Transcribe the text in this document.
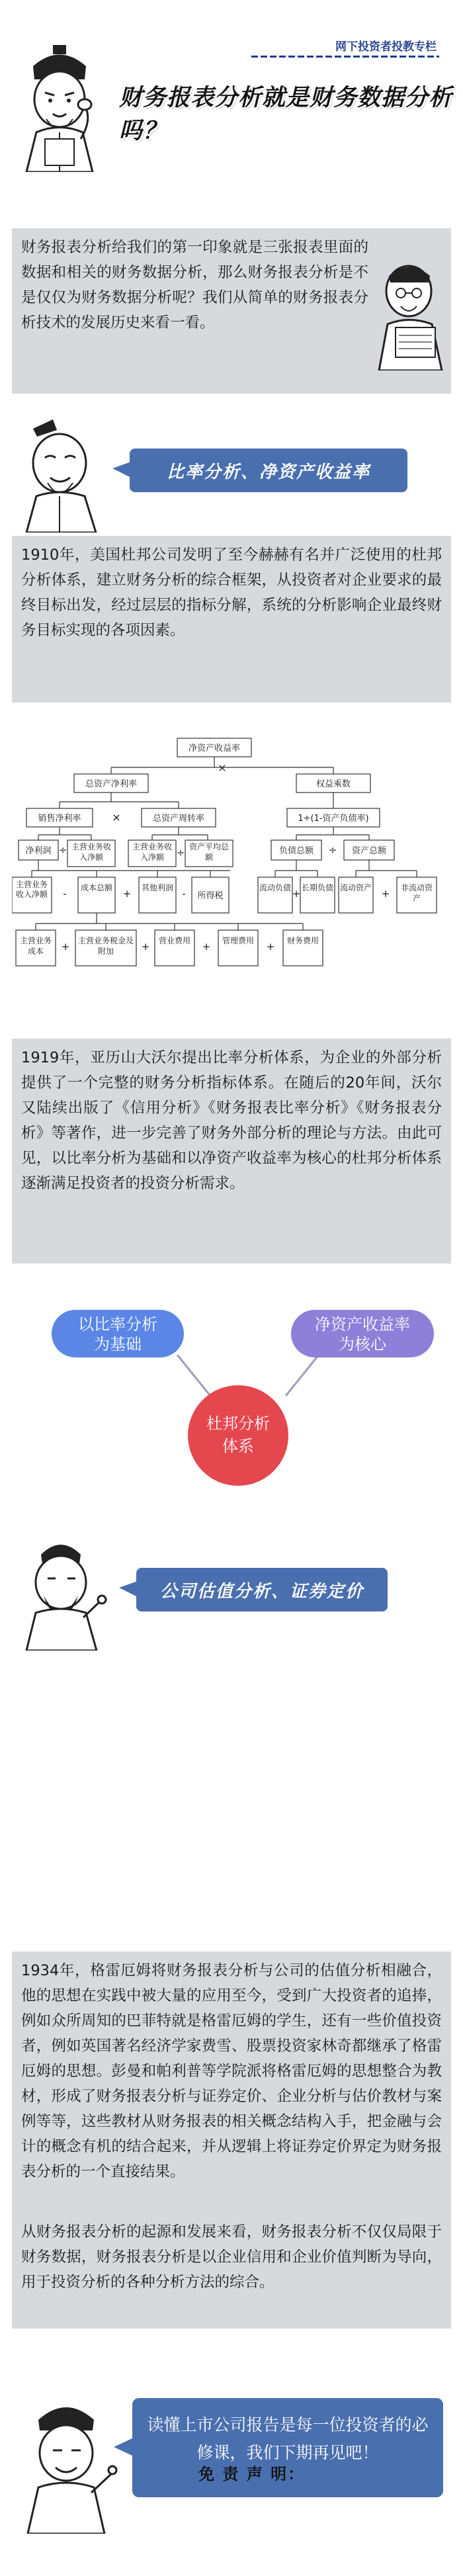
网下投资者投教专栏
财务报表分析就是财务数据分析吗？
财务报表分析给我们的第一印象就是三张报表里面的数据和相关的财务数据分析，那么财务报表分析是不是仅仅为财务数据分析呢？我们从简单的财务报表分析技术的发展历史来看一看。
比率分析、净资产收益率
1910年，美国杜邦公司发明了至今赫赫有名并广泛使用的杜邦分析体系，建立财务分析的综合框架，从投资者对企业要求的最终目标出发，经过层层的指标分解，系统的分析影响企业最终财务目标实现的各项因素。
净资产收益率
总资产净利率
×
权益乘数
销售净利率	×	总资产周转率	1÷(1-资产负债率)
净利润 ÷ 主营业务收入净额
主营业务收入净额	÷ 资产平均总额
负债总额 ÷ 资产总额
主营业务收入净额 - 成本总额 + 其他利润 - 所得税
流动负债 + 长期负债 流动资产 +	非流动资产
主营业务成本	+ 主营业务税金及附加	+	营业费用 +	管理费用 +	财务费用
1919年，亚历山大沃尔提出比率分析体系，为企业的外部分析提供了一个完整的财务分析指标体系。在随后的20年间，沃尔又陆续出版了《信用分析》《财务报表比率分析》《财务报表分析》等著作，进一步完善了财务外部分析的理论与方法。由此可见，以比率分析为基础和以净资产收益率为核心的杜邦分析体系逐渐满足投资者的投资分析需求。
以比率分析
为基础
净资产收益率
为核心
杜邦分析
体系
公司估值分析、证券定价
1934年，格雷厄姆将财务报表分析与公司的估值分析相融合，他的思想在实践中被大量的应用至今，受到广大投资者的追捧，例如众所周知的巴菲特就是格雷厄姆的学生，还有一些价值投资者，例如英国著名经济学家费雪、股票投资家林奇都继承了格雷厄姆的思想。彭曼和帕利普等学院派将格雷厄姆的思想整合为教材，形成了财务报表分析与证券定价、企业分析与估价教材与案例等等，这些教材从财务报表的相关概念结构入手，把金融与会计的概念有机的结合起来，并从逻辑上将证券定价界定为财务报表分析的一个直接结果。
从财务报表分析的起源和发展来看，财务报表分析不仅仅局限于财务数据，财务报表分析是以企业信用和企业价值判断为导向，用于投资分析的各种分析方法的综合。
读懂上市公司报告是每一位投资者的必修课，我们下期再见吧！
免 责 声 明：
